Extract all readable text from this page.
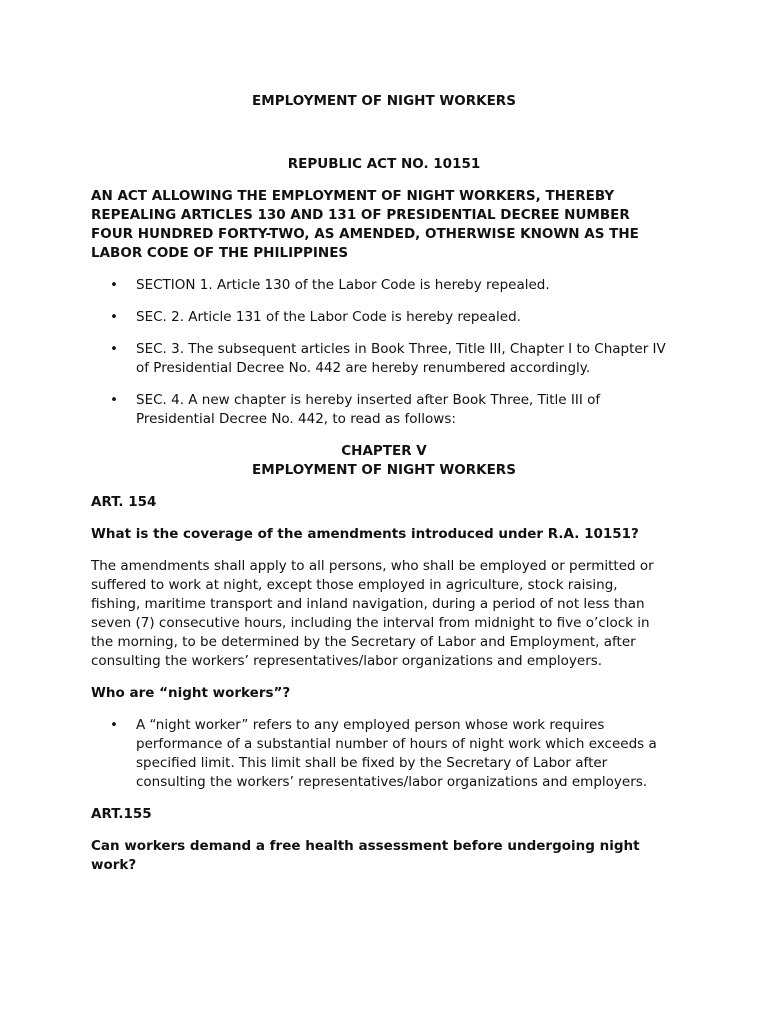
EMPLOYMENT OF NIGHT WORKERS
REPUBLIC ACT NO. 10151
AN ACT ALLOWING THE EMPLOYMENT OF NIGHT WORKERS, THEREBY
REPEALING ARTICLES 130 AND 131 OF PRESIDENTIAL DECREE NUMBER
FOUR HUNDRED FORTY-TWO, AS AMENDED, OTHERWISE KNOWN AS THE
LABOR CODE OF THE PHILIPPINES
•	SECTION 1. Article 130 of the Labor Code is hereby repealed.
•	SEC. 2. Article 131 of the Labor Code is hereby repealed.
•	SEC. 3. The subsequent articles in Book Three, Title III, Chapter I to Chapter IV
of Presidential Decree No. 442 are hereby renumbered accordingly.
•	SEC. 4. A new chapter is hereby inserted after Book Three, Title III of
Presidential Decree No. 442, to read as follows:
CHAPTER V
EMPLOYMENT OF NIGHT WORKERS
ART. 154
What is the coverage of the amendments introduced under R.A. 10151?
The amendments shall apply to all persons, who shall be employed or permitted or
suffered to work at night, except those employed in agriculture, stock raising,
fishing, maritime transport and inland navigation, during a period of not less than
seven (7) consecutive hours, including the interval from midnight to five o’clock in
the morning, to be determined by the Secretary of Labor and Employment, after
consulting the workers’ representatives/labor organizations and employers.
Who are “night workers”?
•	A “night worker” refers to any employed person whose work requires
performance of a substantial number of hours of night work which exceeds a
specified limit. This limit shall be fixed by the Secretary of Labor after
consulting the workers’ representatives/labor organizations and employers.
ART.155
Can workers demand a free health assessment before undergoing night
work?
